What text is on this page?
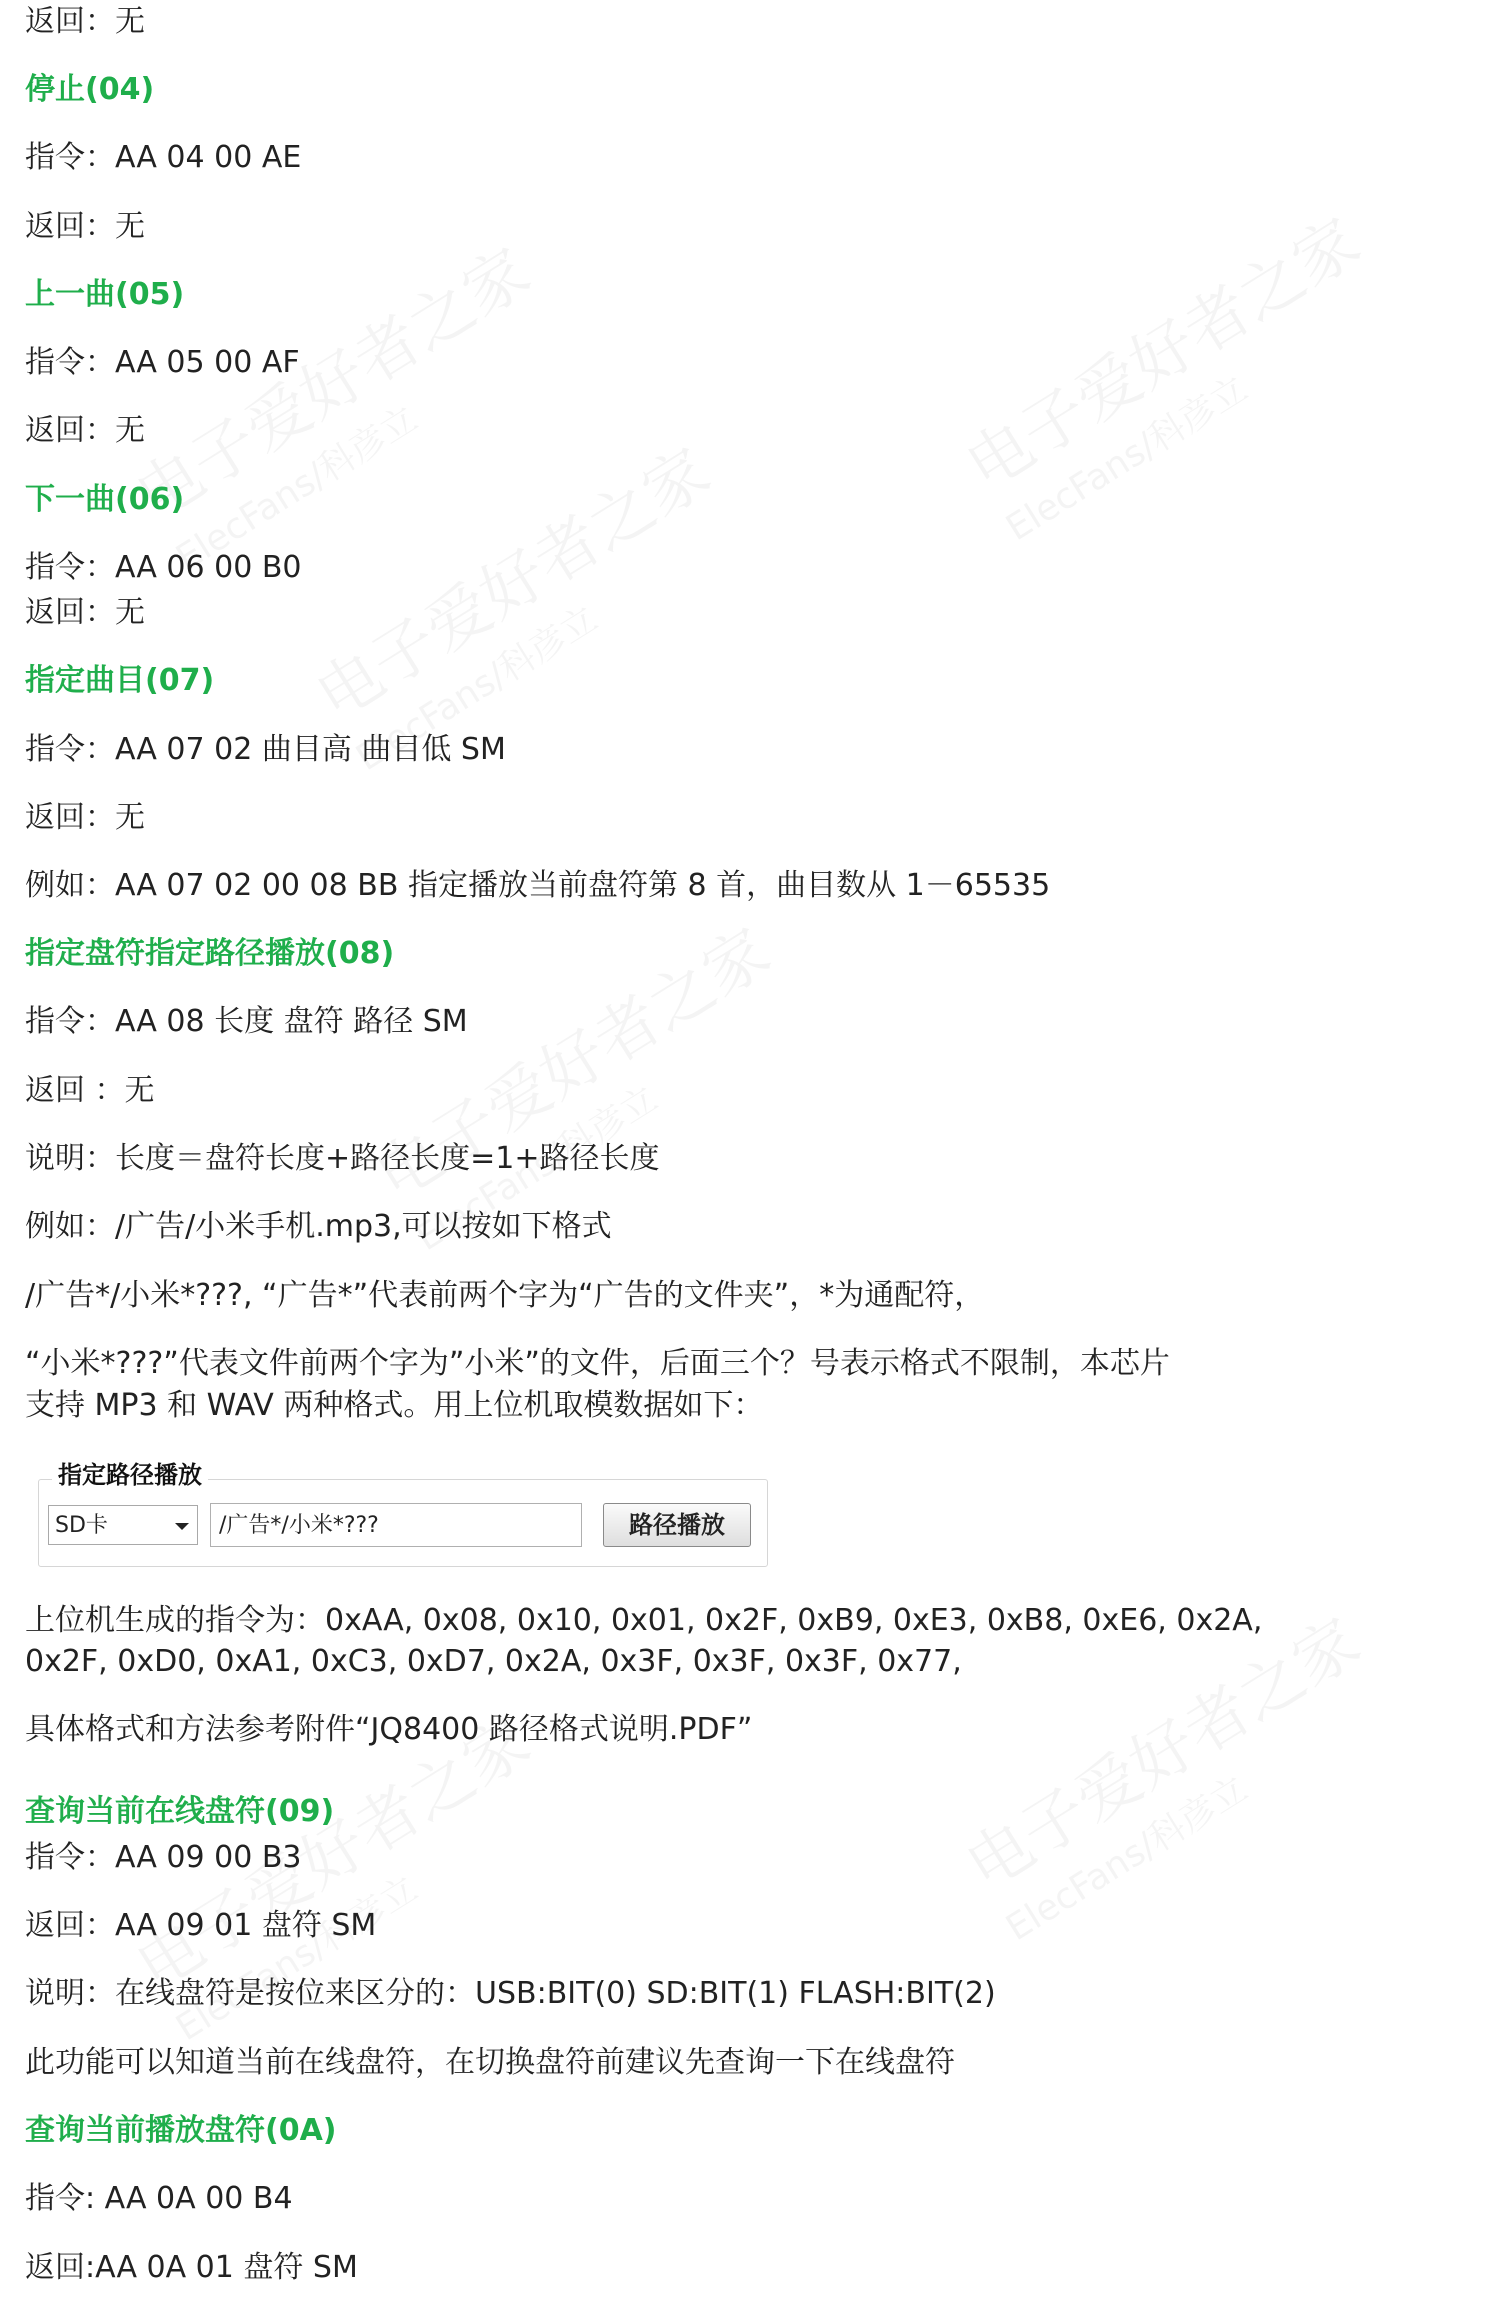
返回：无
停止(04)
指令：AA 04 00 AE
返回：无
上一曲(05)
指令：AA 05 00 AF
返回：无
下一曲(06)
指令：AA 06 00 B0
返回：无
指定曲目(07)
指令：AA 07 02 曲目高 曲目低 SM
返回：无
例如：AA 07 02 00 08 BB 指定播放当前盘符第 8 首，曲目数从 1－65535
指定盘符指定路径播放(08)
指令：AA 08 长度 盘符 路径 SM
返回 ：无
说明：长度＝盘符长度+路径长度=1+路径长度
例如：/广告/小米手机.mp3,可以按如下格式
/广告*/小米*???, “广告*”代表前两个字为“广告的文件夹”，*为通配符，
“小米*???”代表文件前两个字为”小米”的文件，后面三个？号表示格式不限制，本芯片
支持 MP3 和 WAV 两种格式。用上位机取模数据如下：
指定路径播放
SD卡	/广告*/小米*???	路径播放
上位机生成的指令为：0xAA, 0x08, 0x10, 0x01, 0x2F, 0xB9, 0xE3, 0xB8, 0xE6, 0x2A,
0x2F, 0xD0, 0xA1, 0xC3, 0xD7, 0x2A, 0x3F, 0x3F, 0x3F, 0x77,
具体格式和方法参考附件“JQ8400 路径格式说明.PDF”
查询当前在线盘符(09)
指令：AA 09 00 B3
返回：AA 09 01 盘符 SM
说明：在线盘符是按位来区分的：USB:BIT(0) SD:BIT(1) FLASH:BIT(2)
此功能可以知道当前在线盘符，在切换盘符前建议先查询一下在线盘符
查询当前播放盘符(0A)
指令: AA 0A 00 B4
返回:AA 0A 01 盘符 SM
